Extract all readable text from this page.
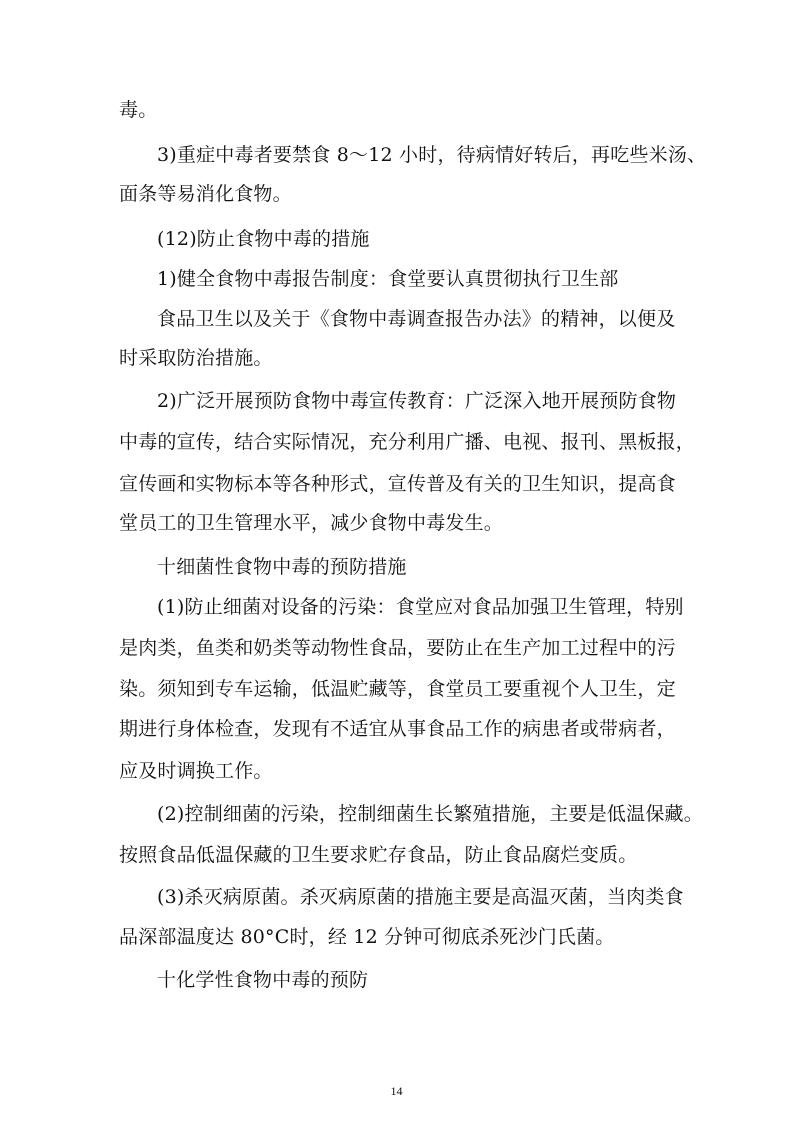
毒。
3)重症中毒者要禁食 8～12 小时，待病情好转后，再吃些米汤、
面条等易消化食物。
(12)防止食物中毒的措施
1)健全食物中毒报告制度：食堂要认真贯彻执行卫生部
食品卫生以及关于《食物中毒调查报告办法》的精神，以便及
时采取防治措施。
2)广泛开展预防食物中毒宣传教育：广泛深入地开展预防食物
中毒的宣传，结合实际情况，充分利用广播、电视、报刊、黑板报，
宣传画和实物标本等各种形式，宣传普及有关的卫生知识，提高食
堂员工的卫生管理水平，减少食物中毒发生。
十细菌性食物中毒的预防措施
(1)防止细菌对设备的污染：食堂应对食品加强卫生管理，特别
是肉类，鱼类和奶类等动物性食品，要防止在生产加工过程中的污
染。须知到专车运输，低温贮藏等，食堂员工要重视个人卫生，定
期进行身体检查，发现有不适宜从事食品工作的病患者或带病者，
应及时调换工作。
(2)控制细菌的污染，控制细菌生长繁殖措施，主要是低温保藏。
按照食品低温保藏的卫生要求贮存食品，防止食品腐烂变质。
(3)杀灭病原菌。杀灭病原菌的措施主要是高温灭菌，当肉类食
品深部温度达 80°C时，经 12 分钟可彻底杀死沙门氏菌。
十化学性食物中毒的预防
14
